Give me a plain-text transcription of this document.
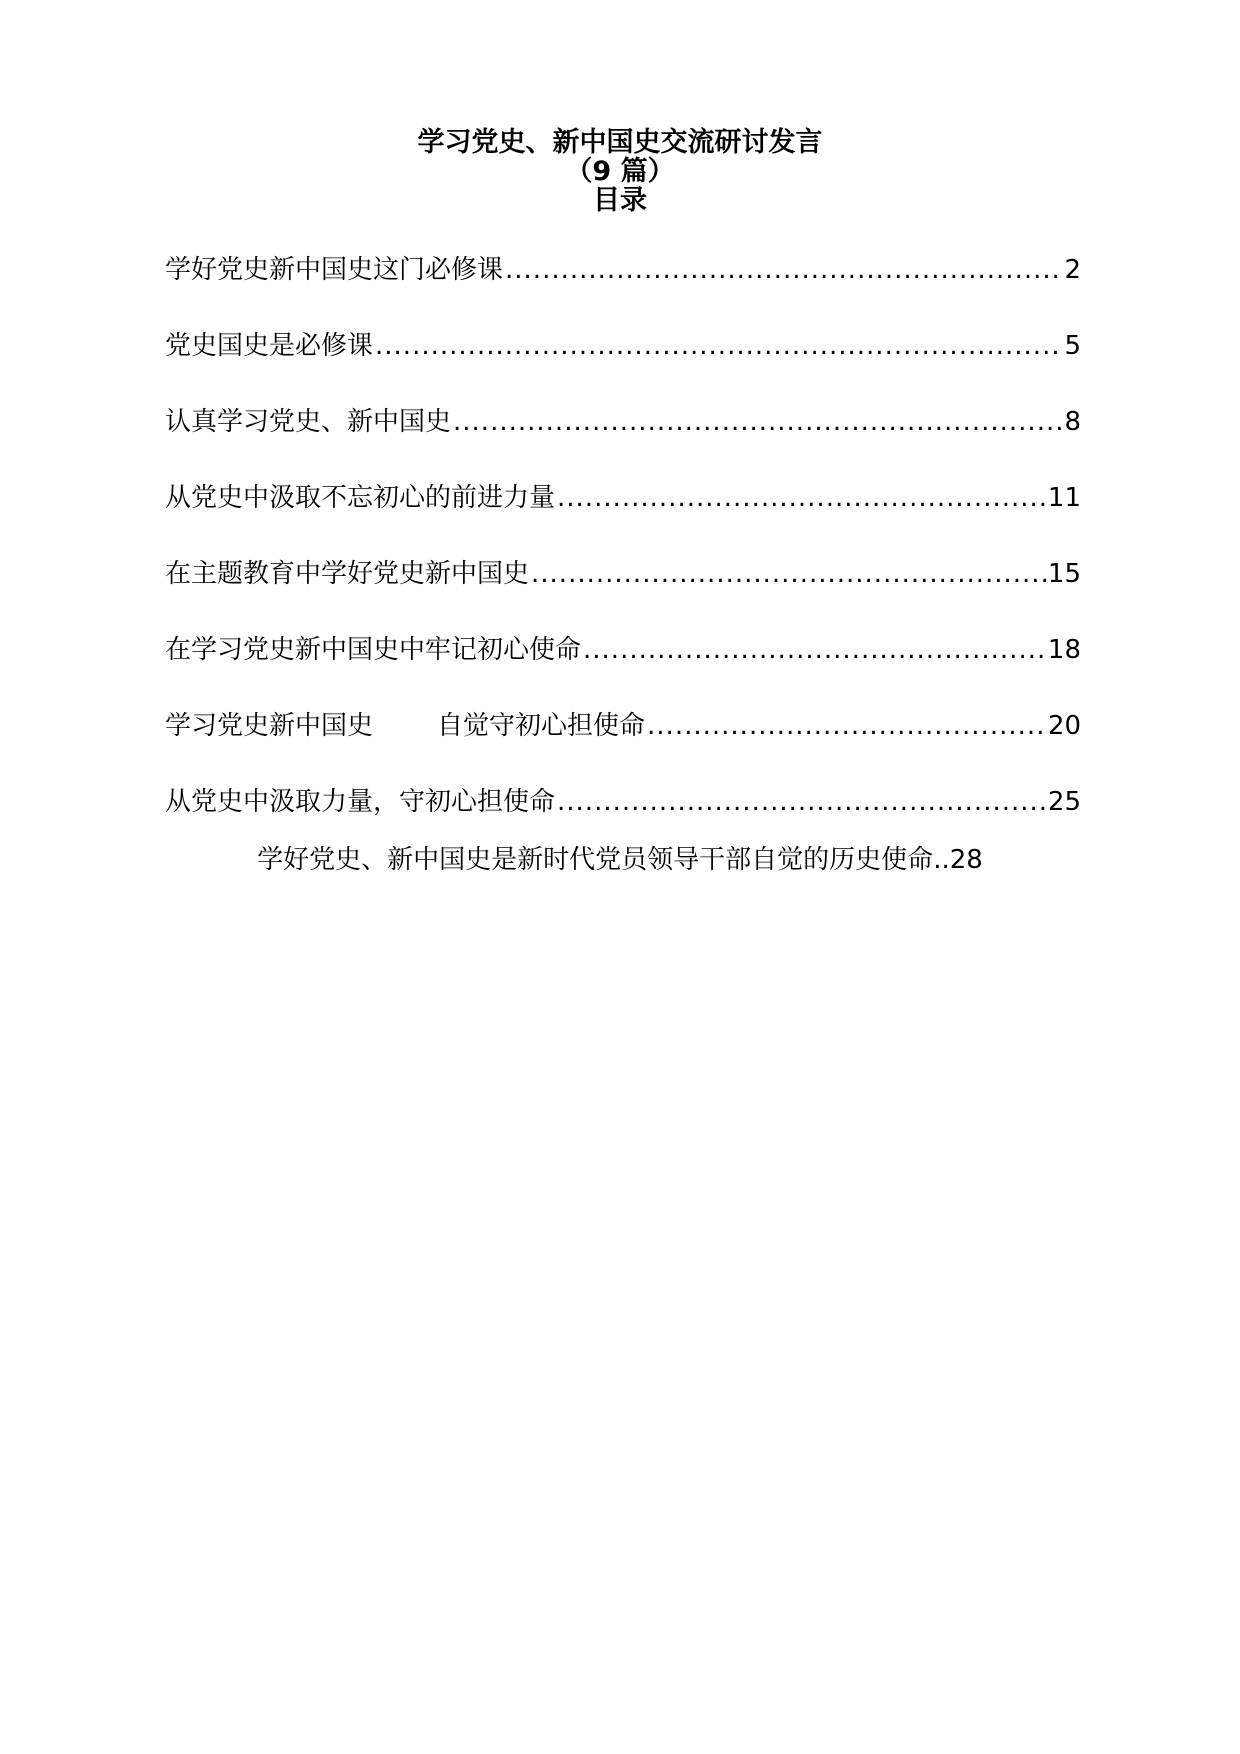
学习党史、新中国史交流研讨发言
（9 篇）
目录
学好党史新中国史这门必修课 .....	2
党史国史是必修课 .....	5
认真学习党史、新中国史 .....	8
从党史中汲取不忘初心的前进力量 .....	11
在主题教育中学好党史新中国史 .....	15
在学习党史新中国史中牢记初心使命 .....	18
学习党史新中国史 自觉守初心担使命 .....	20
从党史中汲取力量，守初心担使命 .....	25
学好党史、新中国史是新时代党员领导干部自觉的历史使命..28
